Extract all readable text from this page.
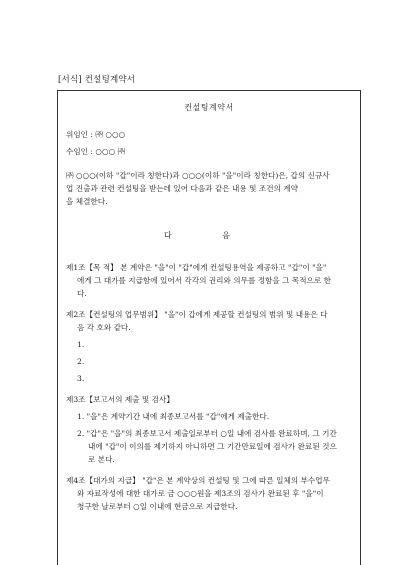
[서식] 컨설팅계약서
컨설팅계약서
위임인 : ㈜ ○○○
수임인 : ○○○ ㈜
㈜ ○○○(이하 "갑"이라 칭한다)과 ○○○(이하 "을"이라 칭한다)은, 갑의 신규사
업 진출과 관련 컨설팅을 받는데 있어 다음과 같은 내용 및 조건의 계약
을 체결한다.
다 음
제1조【목 적】 본 계약은 "을"이 "갑"에게 컨설팅용역을 제공하고 "갑"이 "을"
에게 그 대가를 지급함에 있어서 각각의 권리와 의무를 정함을 그 목적으로 한
다.
제2조【컨설팅의 업무범위】 "을"이 갑에게 제공할 컨설팅의 범위 및 내용은 다
음 각 호와 같다.
1.
2.
3.
제3조【보고서의 제출 및 검사】
1. "을"은 계약기간 내에 최종보고서를 "갑"에게 제출한다.
2. "갑"은 "을"의 최종보고서 제출일로부터 ○일 내에 검사를 완료하며, 그 기간
내에 "갑"이 이의를 제기하지 아니하면 그 기간만료일에 검사가 완료된 것으
로 본다.
제4조【대가의 지급】 "갑"은 본 계약상의 컨설팅 및 그에 따른 일체의 부수업무
와 자료작성에 대한 대가로 금 ○○○원을 제3조의 검사가 완료된 후 "을"이
청구한 날로부터 ○일 이내에 현금으로 지급한다.
